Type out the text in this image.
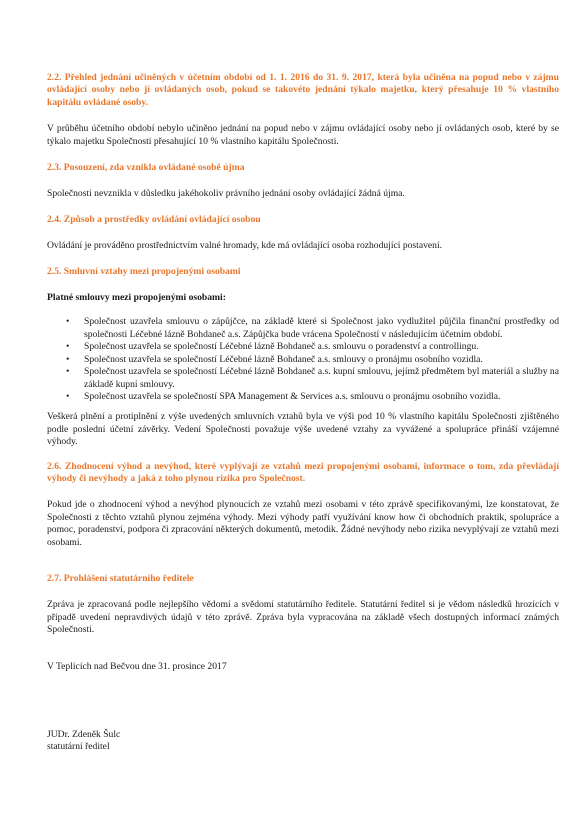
2.2. Přehled jednání učiněných v účetním období od 1. 1. 2016 do 31. 9. 2017, která byla učiněna na popud nebo v zájmu ovládající osoby nebo jí ovládaných osob, pokud se takovéto jednání týkalo majetku, který přesahuje 10 % vlastního kapitálu ovládané osoby.

V průběhu účetního období nebylo učiněno jednání na popud nebo v zájmu ovládající osoby nebo jí ovládaných osob, které by se týkalo majetku Společnosti přesahující 10 % vlastního kapitálu Společnosti.

2.3. Posouzení, zda vznikla ovládané osobě újma

Společnosti nevznikla v důsledku jakéhokoliv právního jednání osoby ovládající žádná újma.

2.4. Způsob a prostředky ovládání ovládající osobou

Ovládání je prováděno prostřednictvím valné hromady, kde má ovládající osoba rozhodující postavení.

2.5. Smluvní vztahy mezi propojenými osobami

Platné smlouvy mezi propojenými osobami:

• Společnost uzavřela smlouvu o zápůjčce, na základě které si Společnost jako vydlužitel půjčila finanční prostředky od společnosti Léčebné lázně Bohdaneč a.s. Zápůjčka bude vrácena Společností v následujícím účetním období.
• Společnost uzavřela se společností Léčebné lázně Bohdaneč a.s. smlouvu o poradenství a controllingu.
• Společnost uzavřela se společností Léčebné lázně Bohdaneč a.s. smlouvy o pronájmu osobního vozidla.
• Společnost uzavřela se společností Léčebné lázně Bohdaneč a.s. kupní smlouvu, jejímž předmětem byl materiál a služby na základě kupní smlouvy.
• Společnost uzavřela se společností SPA Management & Services a.s. smlouvu o pronájmu osobního vozidla.

Veškerá plnění a protiplnění z výše uvedených smluvních vztahů byla ve výši pod 10 % vlastního kapitálu Společnosti zjištěného podle poslední účetní závěrky. Vedení Společnosti považuje výše uvedené vztahy za vyvážené a spolupráce přináší vzájemné výhody.

2.6. Zhodnocení výhod a nevýhod, které vyplývají ze vztahů mezi propojenými osobami, informace o tom, zda převládají výhody či nevýhody a jaká z toho plynou rizika pro Společnost.

Pokud jde o zhodnocení výhod a nevýhod plynoucích ze vztahů mezi osobami v této zprávě specifikovanými, lze konstatovat, že Společnosti z těchto vztahů plynou zejména výhody. Mezi výhody patří využívání know how či obchodních praktik, spolupráce a pomoc, poradenství, podpora či zpracování některých dokumentů, metodik. Žádné nevýhody nebo rizika nevyplývají ze vztahů mezi osobami.

2.7. Prohlášení statutárního ředitele

Zpráva je zpracovaná podle nejlepšího vědomí a svědomí statutárního ředitele. Statutární ředitel si je vědom následků hrozících v případě uvedení nepravdivých údajů v této zprávě. Zpráva byla vypracována na základě všech dostupných informací známých Společnosti.

V Teplicích nad Bečvou dne 31. prosince 2017

JUDr. Zdeněk Šulc

statutární ředitel
